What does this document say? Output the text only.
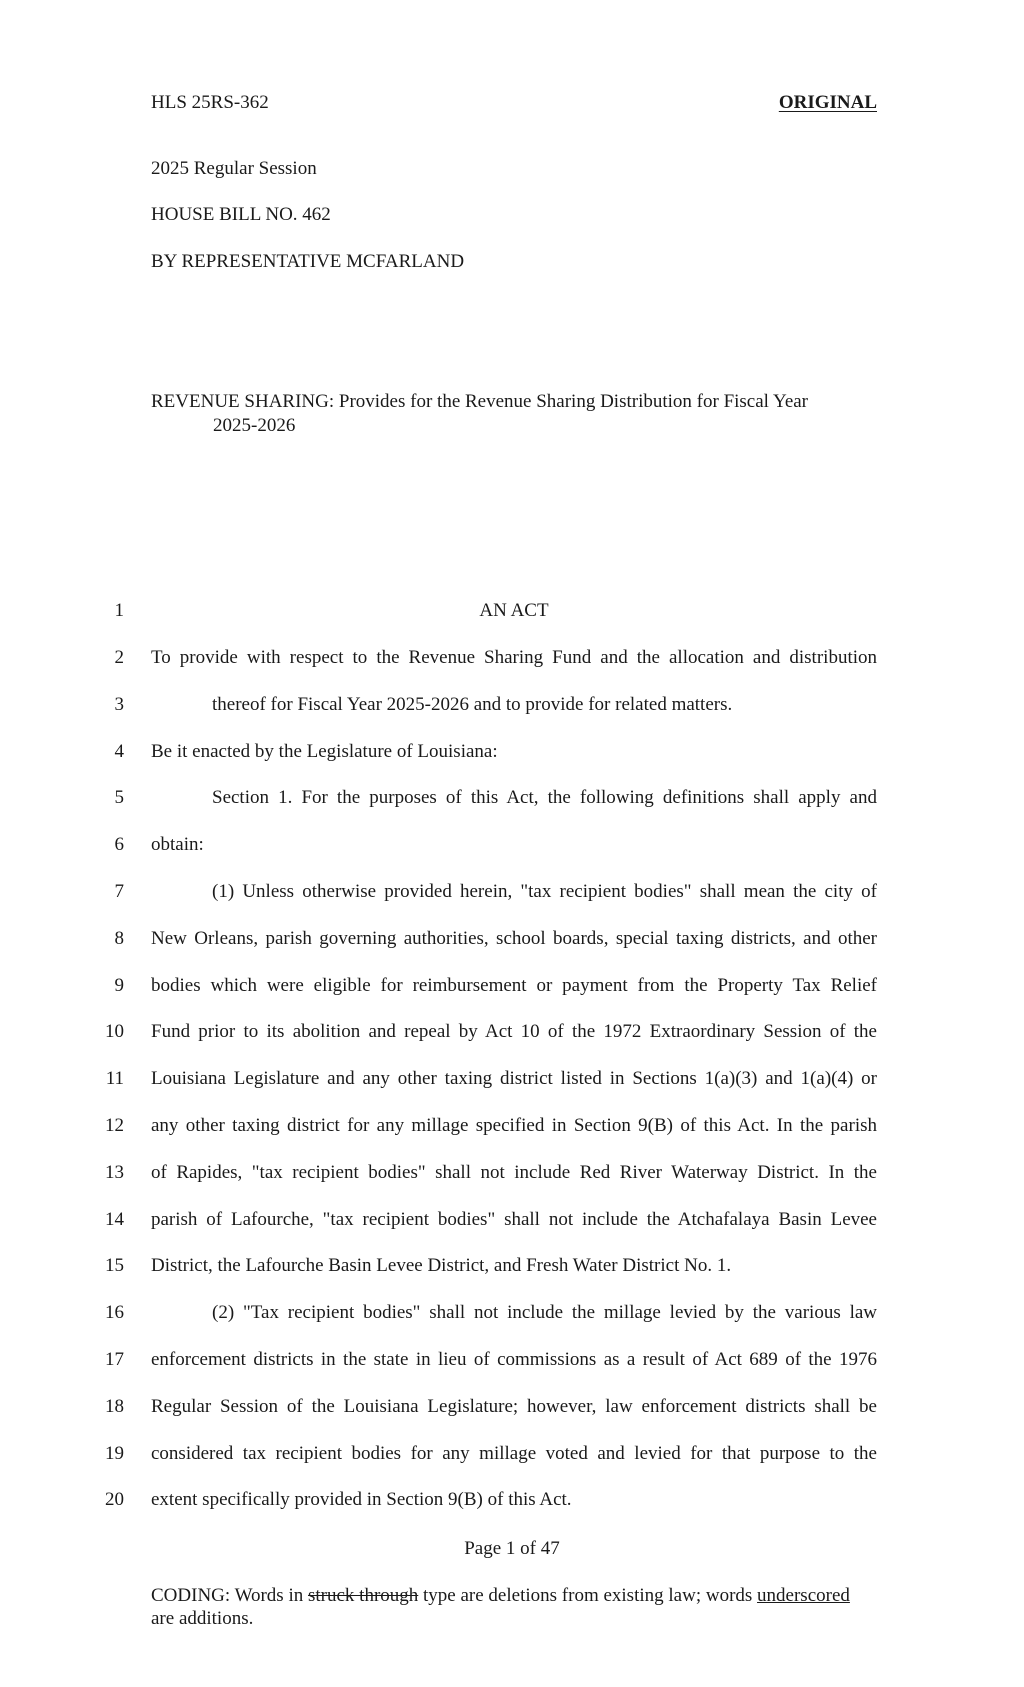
HLS 25RS-362	ORIGINAL
2025 Regular Session
HOUSE BILL NO. 462
BY REPRESENTATIVE MCFARLAND
REVENUE SHARING: Provides for the Revenue Sharing Distribution for Fiscal Year
2025-2026
1	AN ACT
2 To provide with respect to the Revenue Sharing Fund and the allocation and distribution
3	thereof for Fiscal Year 2025-2026 and to provide for related matters.
4 Be it enacted by the Legislature of Louisiana:
5	Section 1. For the purposes of this Act, the following definitions shall apply and
6 obtain:
7	(1) Unless otherwise provided herein, "tax recipient bodies" shall mean the city of
8 New Orleans, parish governing authorities, school boards, special taxing districts, and other
9 bodies which were eligible for reimbursement or payment from the Property Tax Relief
10 Fund prior to its abolition and repeal by Act 10 of the 1972 Extraordinary Session of the
11 Louisiana Legislature and any other taxing district listed in Sections 1(a)(3) and 1(a)(4) or
12 any other taxing district for any millage specified in Section 9(B) of this Act. In the parish
13 of Rapides, "tax recipient bodies" shall not include Red River Waterway District. In the
14 parish of Lafourche, "tax recipient bodies" shall not include the Atchafalaya Basin Levee
15 District, the Lafourche Basin Levee District, and Fresh Water District No. 1.
16	(2) "Tax recipient bodies" shall not include the millage levied by the various law
17 enforcement districts in the state in lieu of commissions as a result of Act 689 of the 1976
18 Regular Session of the Louisiana Legislature; however, law enforcement districts shall be
19 considered tax recipient bodies for any millage voted and levied for that purpose to the
20 extent specifically provided in Section 9(B) of this Act.
Page 1 of 47
CODING: Words in struck through type are deletions from existing law; words underscored
are additions.
